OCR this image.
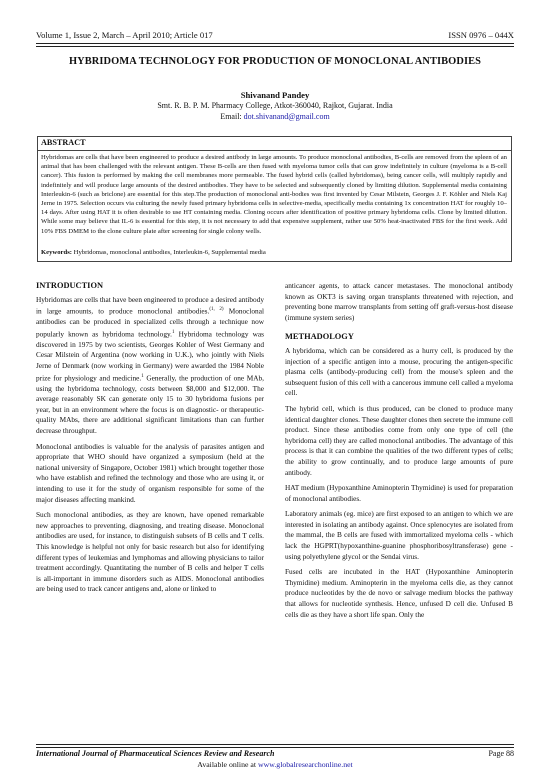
Volume 1, Issue 2, March – April 2010; Article 017	ISSN 0976 – 044X
HYBRIDOMA TECHNOLOGY FOR PRODUCTION OF MONOCLONAL ANTIBODIES
Shivanand Pandey
Smt. R. B. P. M. Pharmacy College, Atkot-360040, Rajkot, Gujarat. India
Email: dot.shivanand@gmail.com
ABSTRACT
Hybridomas are cells that have been engineered to produce a desired antibody in large amounts. To produce monoclonal antibodies, B-cells are removed from the spleen of an animal that has been challenged with the relevant antigen. These B-cells are then fused with myeloma tumor cells that can grow indefinitely in culture (myeloma is a B-cell cancer). This fusion is performed by making the cell membranes more permeable. The fused hybrid cells (called hybridomas), being cancer cells, will multiply rapidly and indefinitely and will produce large amounts of the desired antibodies. They have to be selected and subsequently cloned by limiting dilution. Supplemental media containing Interleukin-6 (such as briclone) are essential for this step.The production of monoclonal anti-bodies was first invented by Cesar Milstein, Georges J. F. Köhler and Niels Kaj Jerne in 1975. Selection occurs via culturing the newly fused primary hybridoma cells in selective-media, specifically media containing 1x concentration HAT for roughly 10–14 days. After using HAT it is often desirable to use HT containing media. Cloning occurs after identification of positive primary hybridoma cells. Clone by limited dilution. While some may believe that IL-6 is essential for this step, it is not necessary to add that expensive supplement, rather use 50% heat-inactivated FBS for the first week. Add 10% FBS DMEM to the clone culture plate after screening for single colony wells.
Keywords: Hybridomas, monoclonal antibodies, Interleukin-6, Supplemental media
INTRODUCTION

Hybridomas are cells that have been engineered to produce a desired antibody in large amounts, to produce monoclonal antibodies.$^{(1, 2)}$ Monoclonal antibodies can be produced in specialized cells through a technique now popularly known as hybridoma technology.$^1$ Hybridoma technology was discovered in 1975 by two scientists, Georges Kohler of West Germany and Cesar Milstein of Argentina (now working in U.K.), who jointly with Niels Jerne of Denmark (now working in Germany) were awarded the 1984 Noble prize for physiology and medicine.$^1$ Generally, the production of one MAb, using the hybridoma technology, costs between $8,000 and $12,000. The average reasonably SK can generate only 15 to 30 hybridoma fusions per year, but in an environment where the focus is on diagnostic- or therapeutic-quality MAbs, there are additional significant limitations than can further decrease throughput.

Monoclonal antibodies is valuable for the analysis of parasites antigen and appropriate that WHO should have organized a symposium (held at the national university of Singapore, October 1981) which brought together those who have establish and refined the technology and those who are using it, or intending to use it for the study of organism responsible for some of the major diseases affecting mankind.

Such monoclonal antibodies, as they are known, have opened remarkable new approaches to preventing, diagnosing, and treating disease. Monoclonal antibodies are used, for instance, to distinguish subsets of B cells and T cells. This knowledge is helpful not only for basic research but also for identifying different types of leukemias and lymphomas and allowing physicians to tailor treatment accordingly. Quantitating the number of B cells and helper T cells is all-important in immune disorders such as AIDS. Monoclonal antibodies are being used to track cancer antigens and, alone or linked to

anticancer agents, to attack cancer metastases. The monoclonal antibody known as OKT3 is saving organ transplants threatened with rejection, and preventing bone marrow transplants from setting off graft-versus-host disease (immune system series)

METHADOLOGY

A hybridoma, which can be considered as a hurry cell, is produced by the injection of a specific antigen into a mouse, procuring the antigen-specific plasma cells (antibody-producing cell) from the mouse's spleen and the subsequent fusion of this cell with a cancerous immune cell called a myeloma cell.

The hybrid cell, which is thus produced, can be cloned to produce many identical daughter clones. These daughter clones then secrete the immune cell product. Since these antibodies come from only one type of cell (the hybridoma cell) they are called monoclonal antibodies. The advantage of this process is that it can combine the qualities of the two different types of cells; the ability to grow continually, and to produce large amounts of pure antibody.

HAT medium (Hypoxanthine Aminopterin Thymidine) is used for preparation of monoclonal antibodies.

Laboratory animals (eg. mice) are first exposed to an antigen to which we are interested in isolating an antibody against. Once splenocytes are isolated from the mammal, the B cells are fused with immortalized myeloma cells - which lack the HGPRT(hypoxanthine-guanine phosphoribosyltransferase) gene - using polyethylene glycol or the Sendai virus.

Fused cells are incubated in the HAT (Hypoxanthine Aminopterin Thymidine) medium. Aminopterin in the myeloma cells die, as they cannot produce nucleotides by the de novo or salvage medium blocks the pathway that allows for nucleotide synthesis. Hence, unfused D cell die. Unfused B cells die as they have a short life span. Only the

International Journal of Pharmaceutical Sciences Review and Research	Page 88
Available online at www.globalresearchonline.net
